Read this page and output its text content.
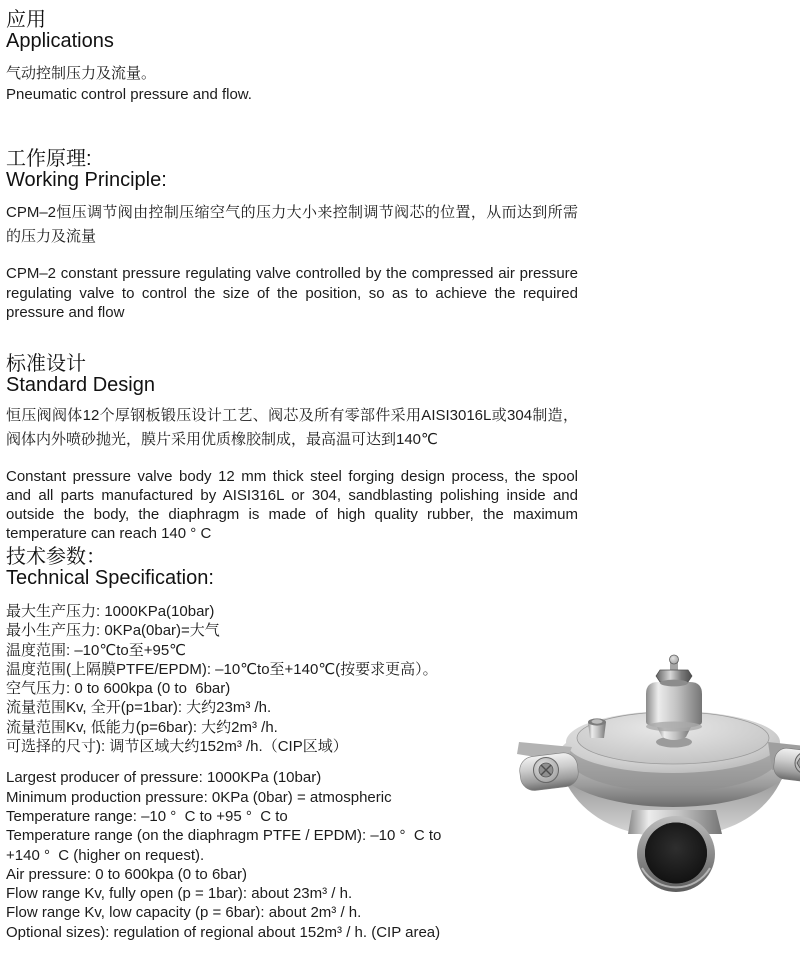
应用
Applications
气动控制压力及流量。
Pneumatic control pressure and flow.
工作原理:
Working Principle:

CPM–2恒压调节阀由控制压缩空气的压力大小来控制调节阀芯的位置，从而达到所需的压力及流量

CPM–2 constant pressure regulating valve controlled by the compressed air pressure regulating valve to control the size of the position, so as to achieve the required pressure and flow

标准设计
Standard Design

恒压阀阀体12个厚钢板锻压设计工艺、阀芯及所有零部件采用AISI3016L或304制造，阀体内外喷砂抛光，膜片采用优质橡胶制成，最高温可达到140℃

Constant pressure valve body 12 mm thick steel forging design process, the spool and all parts manufactured by AISI316L or 304, sandblasting polishing inside and outside the body, the diaphragm is made of high quality rubber, the maximum temperature can reach 140 ° C

技术参数：
Technical Specification:
最大生产压力: 1000KPa(10bar)
最小生产压力: 0KPa(0bar)=大气
温度范围: –10℃to至+95℃
温度范围(上隔膜PTFE/EPDM): –10℃to至+140℃(按要求更高）。
空气压力: 0 to 600kpa (0 to  6bar)
流量范围Kv, 全开(p=1bar): 大约23m³ /h.
流量范围Kv, 低能力(p=6bar): 大约2m³ /h.
可选择的尺寸): 调节区域大约152m³ /h.（CIP区域）
Largest producer of pressure: 1000KPa (10bar)
Minimum production pressure: 0KPa (0bar) = atmospheric
Temperature range: –10 °  C to +95 °  C to
Temperature range (on the diaphragm PTFE / EPDM): –10 °  C to
+140 °  C (higher on request).
Air pressure: 0 to 600kpa (0 to 6bar)
Flow range Kv, fully open (p = 1bar): about 23m³ / h.
Flow range Kv, low capacity (p = 6bar): about 2m³ / h.
Optional sizes): regulation of regional about 152m³ / h. (CIP area)
